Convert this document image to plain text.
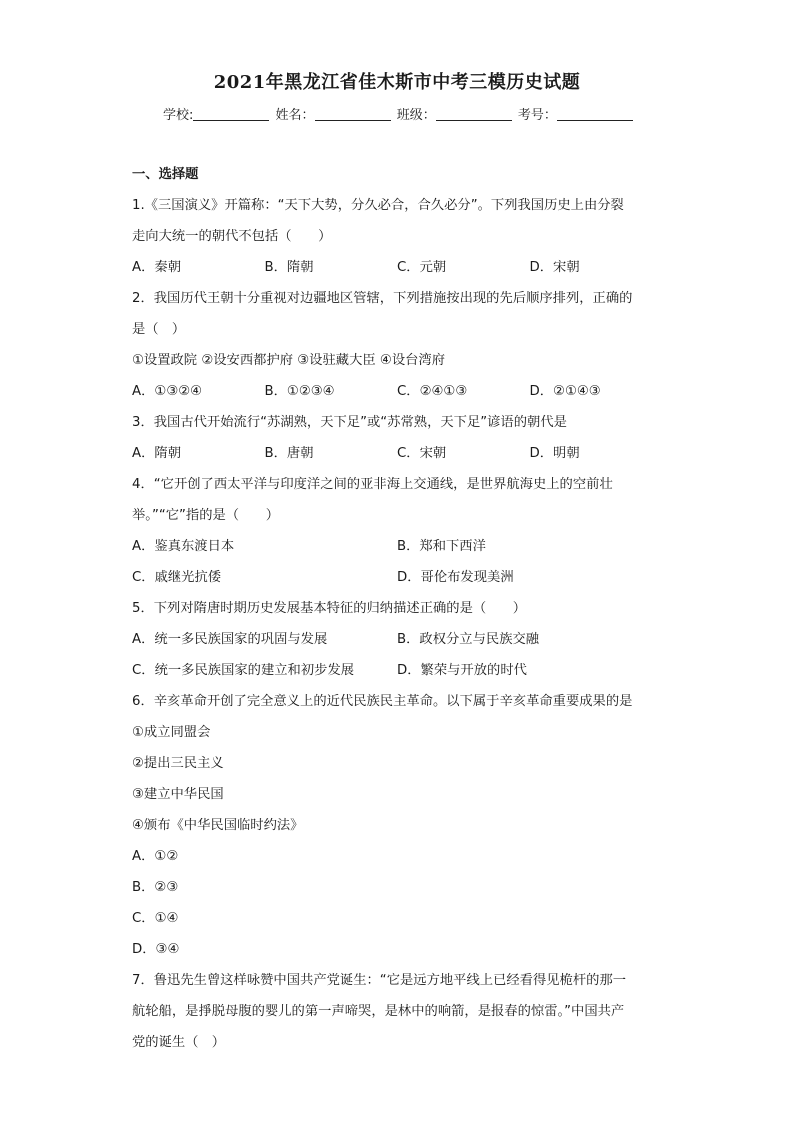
2021年黑龙江省佳木斯市中考三模历史试题
学校:	姓名：	班级：	考号：
一、选择题
1.《三国演义》开篇称：“天下大势，分久必合，合久必分”。下列我国历史上由分裂
走向大统一的朝代不包括（　　）
A．秦朝	B．隋朝	C．元朝	D．宋朝
2．我国历代王朝十分重视对边疆地区管辖，下列措施按出现的先后顺序排列，正确的
是（　）
①设置政院 ②设安西都护府 ③设驻藏大臣 ④设台湾府
A．①③②④	B．①②③④	C．②④①③	D．②①④③
3．我国古代开始流行“苏湖熟，天下足”或“苏常熟，天下足”谚语的朝代是
A．隋朝	B．唐朝	C．宋朝	D．明朝
4．“它开创了西太平洋与印度洋之间的亚非海上交通线，是世界航海史上的空前壮
举。”“它”指的是（　　）
A．鉴真东渡日本	B．郑和下西洋
C．戚继光抗倭	D．哥伦布发现美洲
5．下列对隋唐时期历史发展基本特征的归纳描述正确的是（　　）
A．统一多民族国家的巩固与发展	B．政权分立与民族交融
C．统一多民族国家的建立和初步发展	D．繁荣与开放的时代
6．辛亥革命开创了完全意义上的近代民族民主革命。以下属于辛亥革命重要成果的是
①成立同盟会
②提出三民主义
③建立中华民国
④颁布《中华民国临时约法》
A．①②
B．②③
C．①④
D．③④
7．鲁迅先生曾这样咏赞中国共产党诞生：“它是远方地平线上已经看得见桅杆的那一
航轮船，是掙脱母腹的婴儿的第一声啼哭，是林中的响箭，是报春的惊雷。”中国共产
党的诞生（　）
